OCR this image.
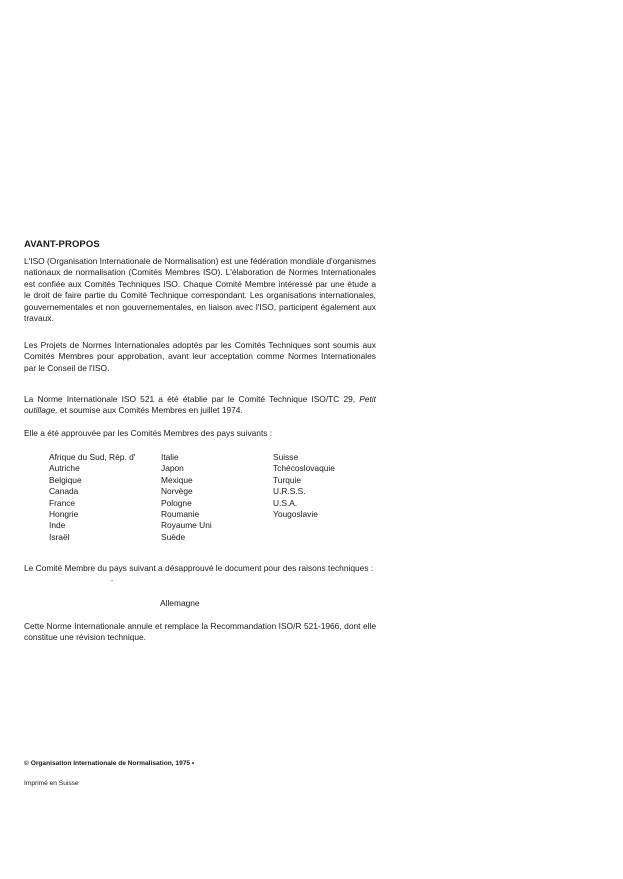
AVANT-PROPOS
L'ISO (Organisation Internationale de Normalisation) est une fédération mondiale d'organismes nationaux de normalisation (Comités Membres ISO). L'élaboration de Normes Internationales est confiée aux Comités Techniques ISO. Chaque Comité Membre intéressé par une étude a le droit de faire partie du Comité Technique correspondant. Les organisations internationales, gouvernementales et non gouvernementales, en liaison avec l'ISO, participent également aux travaux.
Les Projets de Normes Internationales adoptés par les Comités Techniques sont soumis aux Comités Membres pour approbation, avant leur acceptation comme Normes Internationales par le Conseil de l'ISO.
La Norme Internationale ISO 521 a été établie par le Comité Technique ISO/TC 29, Petit outillage, et soumise aux Comités Membres en juillet 1974.
Elle a été approuvée par les Comités Membres des pays suivants :
Afrique du Sud, Rép. d'
Autriche
Belgique
Canada
France
Hongrie
Inde
Israël
Italie
Japon
Mexique
Norvège
Pologne
Roumanie
Royaume Uni
Suède
Suisse
Tchécoslovaquie
Turquie
U.R.S.S.
U.S.A.
Yougoslavie
Le Comité Membre du pays suivant a désapprouvé le document pour des raisons techniques :
-
Allemagne
Cette Norme Internationale annule et remplace la Recommandation ISO/R 521-1966, dont elle constitue une révision technique.
© Organisation Internationale de Normalisation, 1975 •
Imprimé en Suisse
